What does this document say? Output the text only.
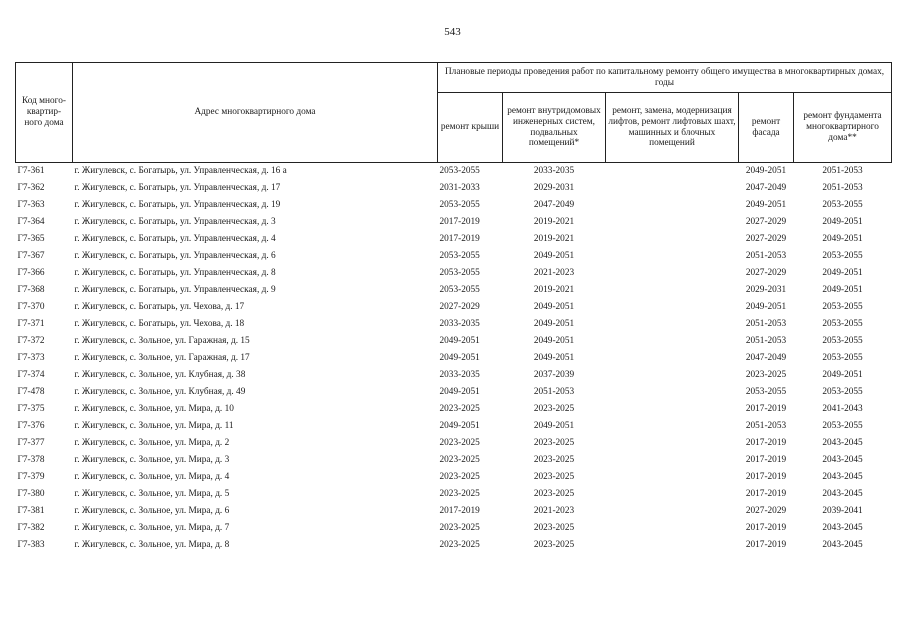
543
Код много-квартир-ного дома	Адрес многоквартирного дома	Плановые периоды проведения работ по капитальному ремонту общего имущества в многоквартирных домах, годы				
		ремонт крыши	ремонт внутридомовых инженерных систем, подвальных помещений*	ремонт, замена, модернизация лифтов, ремонт лифтовых шахт, машинных и блочных помещений	ремонт фасада	ремонт фундамента многоквартирного дома**
Г7-361	г. Жигулевск, с. Богатырь, ул. Управленческая, д. 16 а	2053-2055	2033-2035		2049-2051	2051-2053
Г7-362	г. Жигулевск, с. Богатырь, ул. Управленческая, д. 17	2031-2033	2029-2031		2047-2049	2051-2053
Г7-363	г. Жигулевск, с. Богатырь, ул. Управленческая, д. 19	2053-2055	2047-2049		2049-2051	2053-2055
Г7-364	г. Жигулевск, с. Богатырь, ул. Управленческая, д. 3	2017-2019	2019-2021		2027-2029	2049-2051
Г7-365	г. Жигулевск, с. Богатырь, ул. Управленческая, д. 4	2017-2019	2019-2021		2027-2029	2049-2051
Г7-367	г. Жигулевск, с. Богатырь, ул. Управленческая, д. 6	2053-2055	2049-2051		2051-2053	2053-2055
Г7-366	г. Жигулевск, с. Богатырь, ул. Управленческая, д. 8	2053-2055	2021-2023		2027-2029	2049-2051
Г7-368	г. Жигулевск, с. Богатырь, ул. Управленческая, д. 9	2053-2055	2019-2021		2029-2031	2049-2051
Г7-370	г. Жигулевск, с. Богатырь, ул. Чехова, д. 17	2027-2029	2049-2051		2049-2051	2053-2055
Г7-371	г. Жигулевск, с. Богатырь, ул. Чехова, д. 18	2033-2035	2049-2051		2051-2053	2053-2055
Г7-372	г. Жигулевск, с. Зольное, ул. Гаражная, д. 15	2049-2051	2049-2051		2051-2053	2053-2055
Г7-373	г. Жигулевск, с. Зольное, ул. Гаражная, д. 17	2049-2051	2049-2051		2047-2049	2053-2055
Г7-374	г. Жигулевск, с. Зольное, ул. Клубная, д. 38	2033-2035	2037-2039		2023-2025	2049-2051
Г7-478	г. Жигулевск, с. Зольное, ул. Клубная, д. 49	2049-2051	2051-2053		2053-2055	2053-2055
Г7-375	г. Жигулевск, с. Зольное, ул. Мира, д. 10	2023-2025	2023-2025		2017-2019	2041-2043
Г7-376	г. Жигулевск, с. Зольное, ул. Мира, д. 11	2049-2051	2049-2051		2051-2053	2053-2055
Г7-377	г. Жигулевск, с. Зольное, ул. Мира, д. 2	2023-2025	2023-2025		2017-2019	2043-2045
Г7-378	г. Жигулевск, с. Зольное, ул. Мира, д. 3	2023-2025	2023-2025		2017-2019	2043-2045
Г7-379	г. Жигулевск, с. Зольное, ул. Мира, д. 4	2023-2025	2023-2025		2017-2019	2043-2045
Г7-380	г. Жигулевск, с. Зольное, ул. Мира, д. 5	2023-2025	2023-2025		2017-2019	2043-2045
Г7-381	г. Жигулевск, с. Зольное, ул. Мира, д. 6	2017-2019	2021-2023		2027-2029	2039-2041
Г7-382	г. Жигулевск, с. Зольное, ул. Мира, д. 7	2023-2025	2023-2025		2017-2019	2043-2045
Г7-383	г. Жигулевск, с. Зольное, ул. Мира, д. 8	2023-2025	2023-2025		2017-2019	2043-2045
